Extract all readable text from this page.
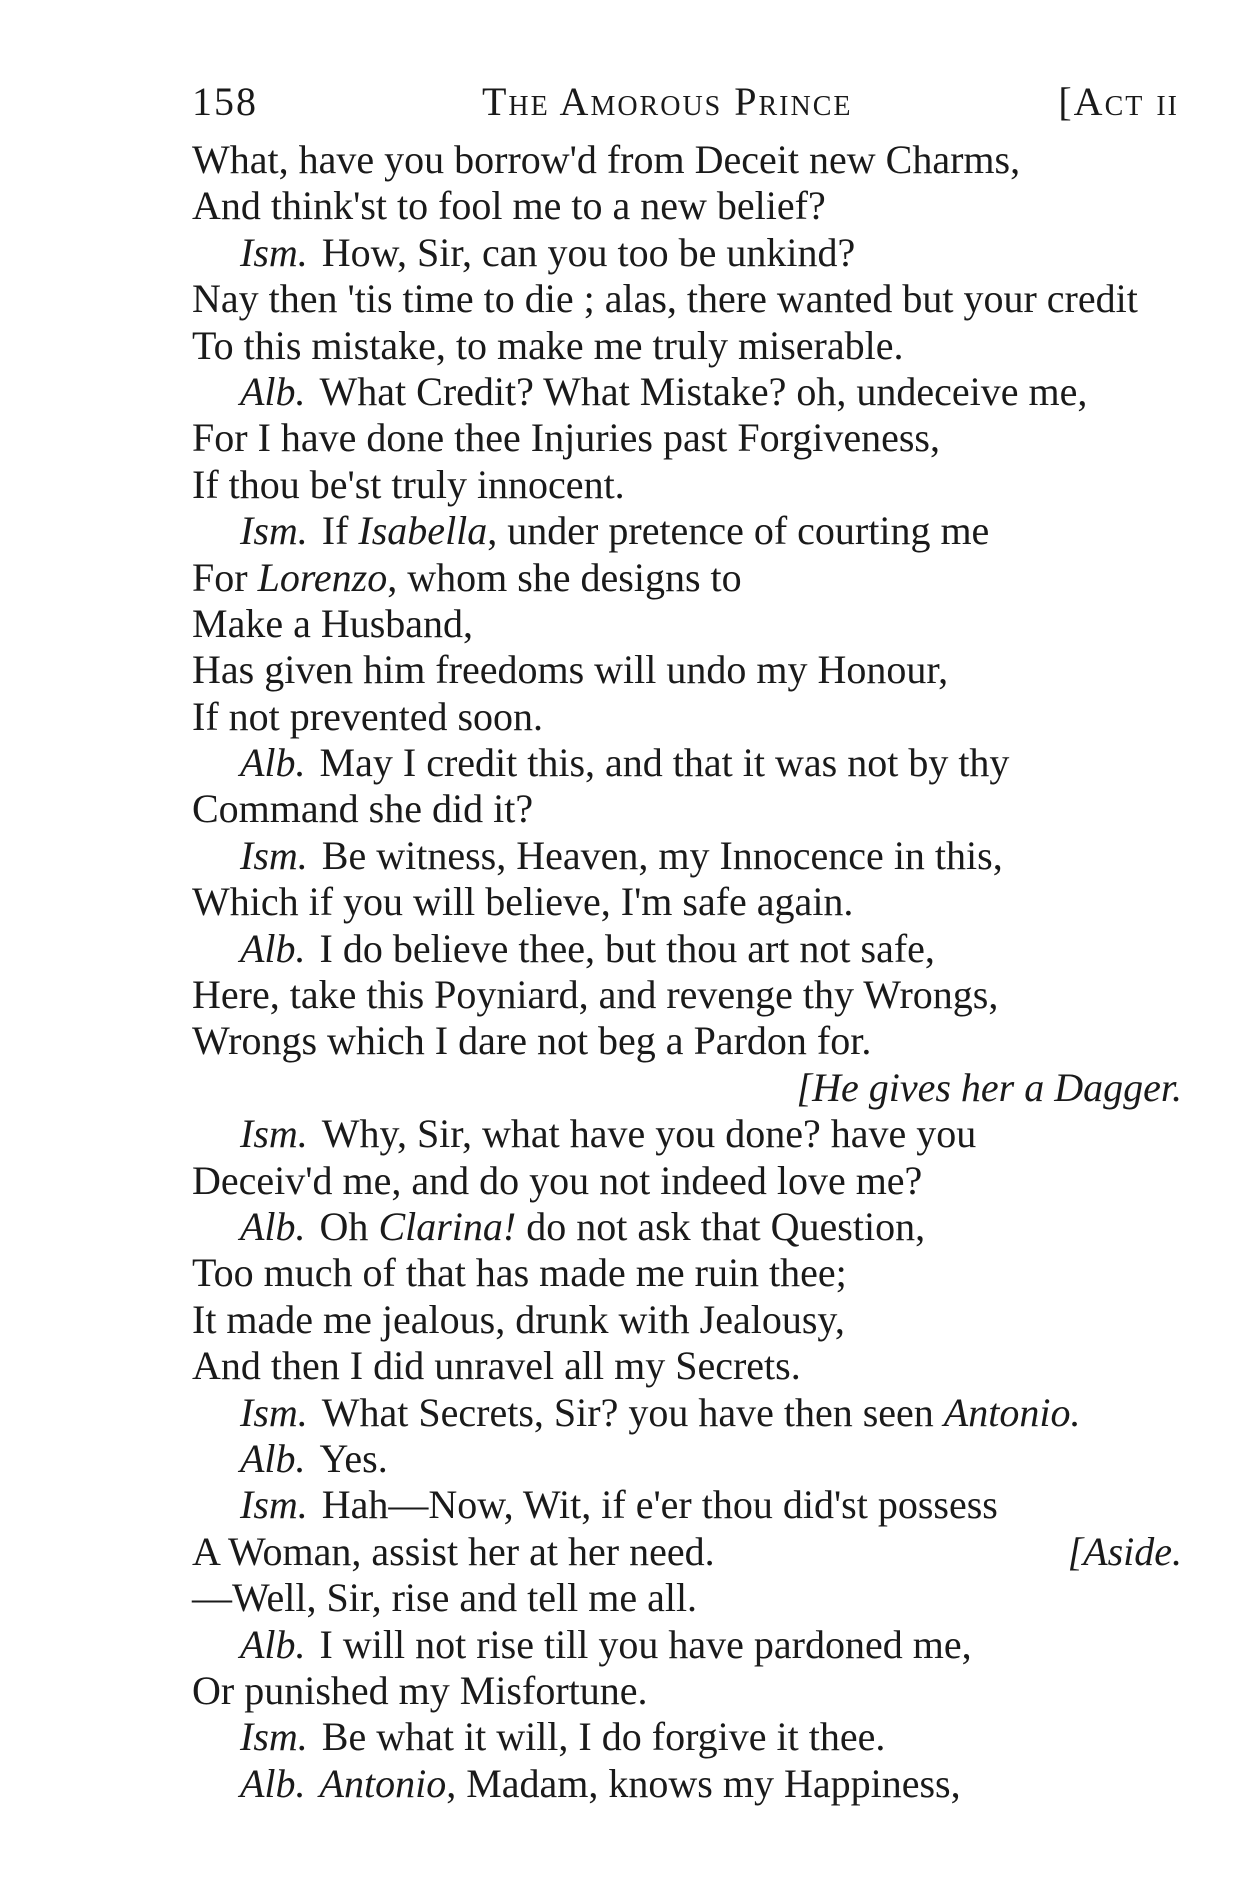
158	The Amorous Prince	[Act ii
What, have you borrow'd from Deceit new Charms,
And think'st to fool me to a new belief?
Ism. How, Sir, can you too be unkind?
Nay then 'tis time to die ; alas, there wanted but your credit
To this mistake, to make me truly miserable.
Alb. What Credit? What Mistake? oh, undeceive me,
For I have done thee Injuries past Forgiveness,
If thou be'st truly innocent.
Ism. If Isabella, under pretence of courting me
For Lorenzo, whom she designs to
Make a Husband,
Has given him freedoms will undo my Honour,
If not prevented soon.
Alb. May I credit this, and that it was not by thy
Command she did it?
Ism. Be witness, Heaven, my Innocence in this,
Which if you will believe, I'm safe again.
Alb. I do believe thee, but thou art not safe,
Here, take this Poyniard, and revenge thy Wrongs,
Wrongs which I dare not beg a Pardon for.
[He gives her a Dagger.
Ism. Why, Sir, what have you done? have you
Deceiv'd me, and do you not indeed love me?
Alb. Oh Clarina! do not ask that Question,
Too much of that has made me ruin thee;
It made me jealous, drunk with Jealousy,
And then I did unravel all my Secrets.
Ism. What Secrets, Sir? you have then seen Antonio.
Alb. Yes.
Ism. Hah—Now, Wit, if e'er thou did'st possess
A Woman, assist her at her need.	[Aside.
—Well, Sir, rise and tell me all.
Alb. I will not rise till you have pardoned me,
Or punished my Misfortune.
Ism. Be what it will, I do forgive it thee.
Alb. Antonio, Madam, knows my Happiness,
